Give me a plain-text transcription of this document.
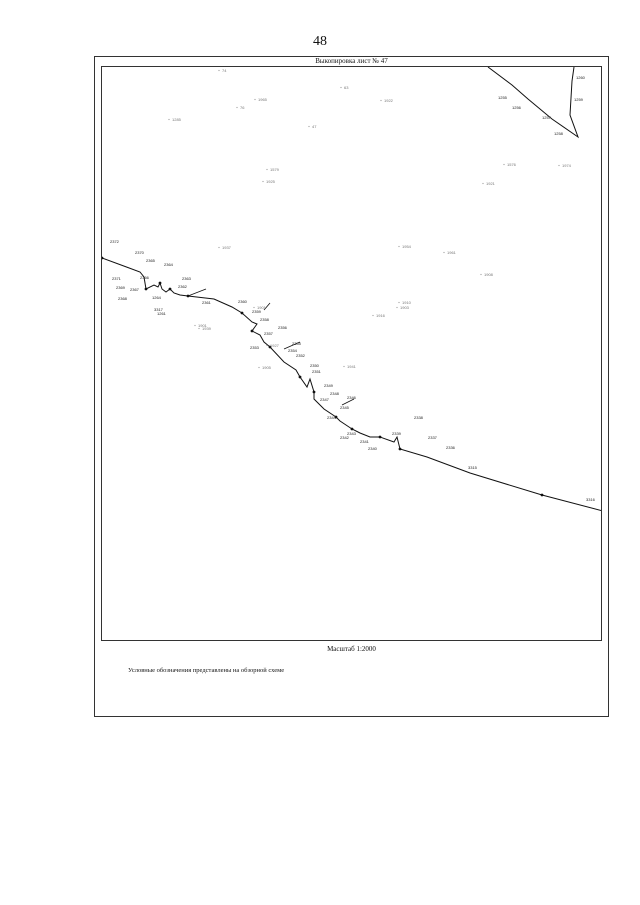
48
Выкопировка лист № 47
2372
2370
2371
2369
2368
2367
2366
2365
2364
2363
2362
2361	2360
2359
2358
2357
2356
2355
2354
2353
2352
2351
2350
2349
2348
2347	2346
2345
2344
2343
2342
2341
2340
2339
2338
2337
2336
3315
3316
3317
1264
1261
1260
1259
1258
1257
1256
1255
74
76
63
1922
1965
1285
47
1576
1579
1925
1954
1961
1937
1939
1927
1916
1905
1901
1903
1901
1910
1908
1974
1941
1921
Масштаб 1:2000
Условные обозначения представлены на обзорной схеме
